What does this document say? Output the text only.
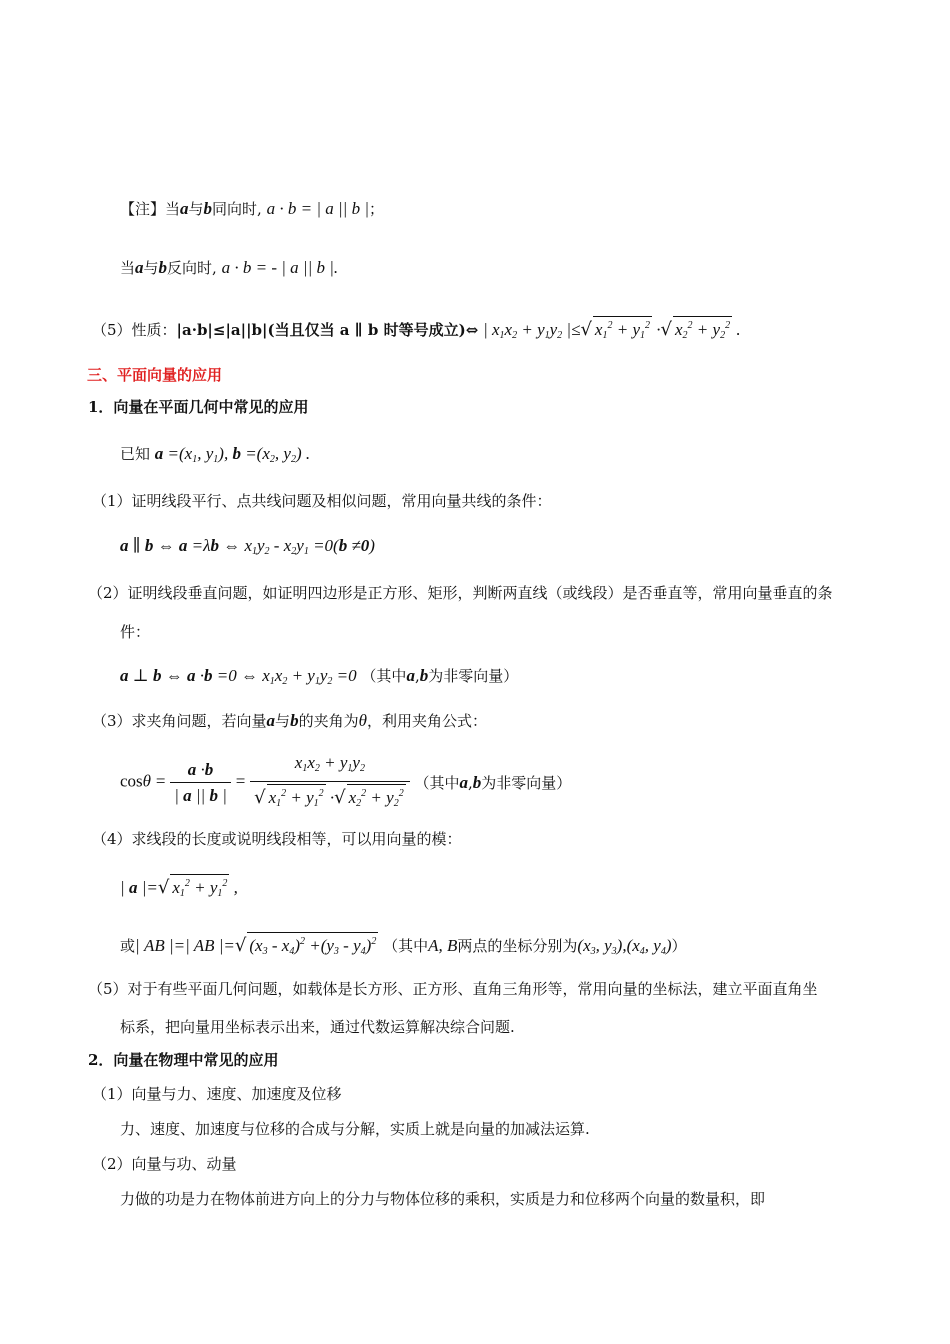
【注】当a与b同向时, a · b = | a || b |；
当a与b反向时, a · b = - | a || b |.
（5）性质：|a·b|≤|a||b|(当且仅当 a ∥ b 时等号成立)⇔ | $x_1x_2 + y_1y_2$ |≤√ $x_1^2 + y_1^2$ ·√ $x_2^2 + y_2^2$ .
三、平面向量的应用
1．向量在平面几何中常见的应用
已知 $a =(x_1$, $y_1$), $b =(x_2$, $y_2$) .
（1）证明线段平行、点共线问题及相似问题，常用向量共线的条件：
a ∥ b ⇔ a =λb ⇔ $x_1y_2 - x_2y_1 =0(b \ne 0)$
（2）证明线段垂直问题，如证明四边形是正方形、矩形，判断两直线（或线段）是否垂直等，常用向量垂直的条
件：
a ⊥ b ⇔ a ·b =0 ⇔ $x_1x_2 + y_1y_2 =0$ （其中a,b为非零向量）
（3）求夹角问题，若向量a与b的夹角为θ，利用夹角公式：
$\cos\theta = \frac{a \cdot b}{| a || b |} = \frac{x_1x_2 + y_1y_2}{√ x_1^2 + y_1^2 \cdot√ x_2^2 + y_2^2}$ （其中a,b为非零向量）
（4）求线段的长度或说明线段相等，可以用向量的模：
| a |=√ $x_1^2 + y_1^2$ ,
或| AB |=| AB |=√ $(x_3 - x_4)^2 +(y_3 - y_4)^2$ （其中A, B两点的坐标分别为($x_3$, $y_3),(x_4$, $y_4$)）
（5）对于有些平面几何问题，如载体是长方形、正方形、直角三角形等，常用向量的坐标法，建立平面直角坐
标系，把向量用坐标表示出来，通过代数运算解决综合问题.
2．向量在物理中常见的应用
（1）向量与力、速度、加速度及位移
力、速度、加速度与位移的合成与分解，实质上就是向量的加减法运算.
（2）向量与功、动量
力做的功是力在物体前进方向上的分力与物体位移的乘积，实质是力和位移两个向量的数量积，即
